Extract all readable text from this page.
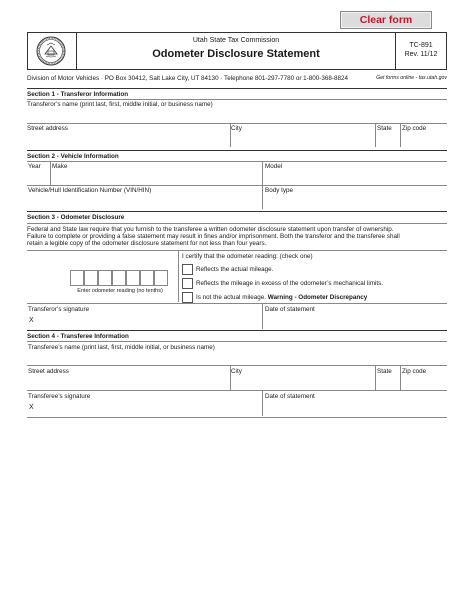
Clear form
Utah State Tax Commission
Odometer Disclosure Statement
TC-891
Rev. 11/12
Division of Motor Vehicles · PO Box 30412, Salt Lake City, UT 84130 · Telephone 801-297-7780 or 1-800-368-8824	Get forms online - tax.utah.gov
Section 1 - Transferor Information
Transferor’s name (print last, first, middle initial, or business name)
Street address	City	State Zip code
Section 2 - Vehicle Information
Year Make	Model
Vehicle/Hull Identification Number (VIN/HIN)	Body type
Section 3 - Odometer Disclosure
Federal and State law require that you furnish to the transferee a written odometer disclosure statement upon transfer of ownership.
Failure to complete or providing a false statement may result in fines and/or imprisonment. Both the transferor and the transferee shall
retain a legible copy of the odometer disclosure statement for not less than four years.
I certify that the odometer reading: (check one)
Enter odometer reading (no tenths)
Reflects the actual mileage.
Reflects the mileage in excess of the odometer’s mechanical limits.
Is not the actual mileage. Warning - Odometer Discrepancy
Transferor’s signature
X
Date of statement
Section 4 - Transferee Information
Transferee’s name (print last, first, middle initial, or business name)
Street address	City	State Zip code
Transferee’s signature
X
Date of statement
